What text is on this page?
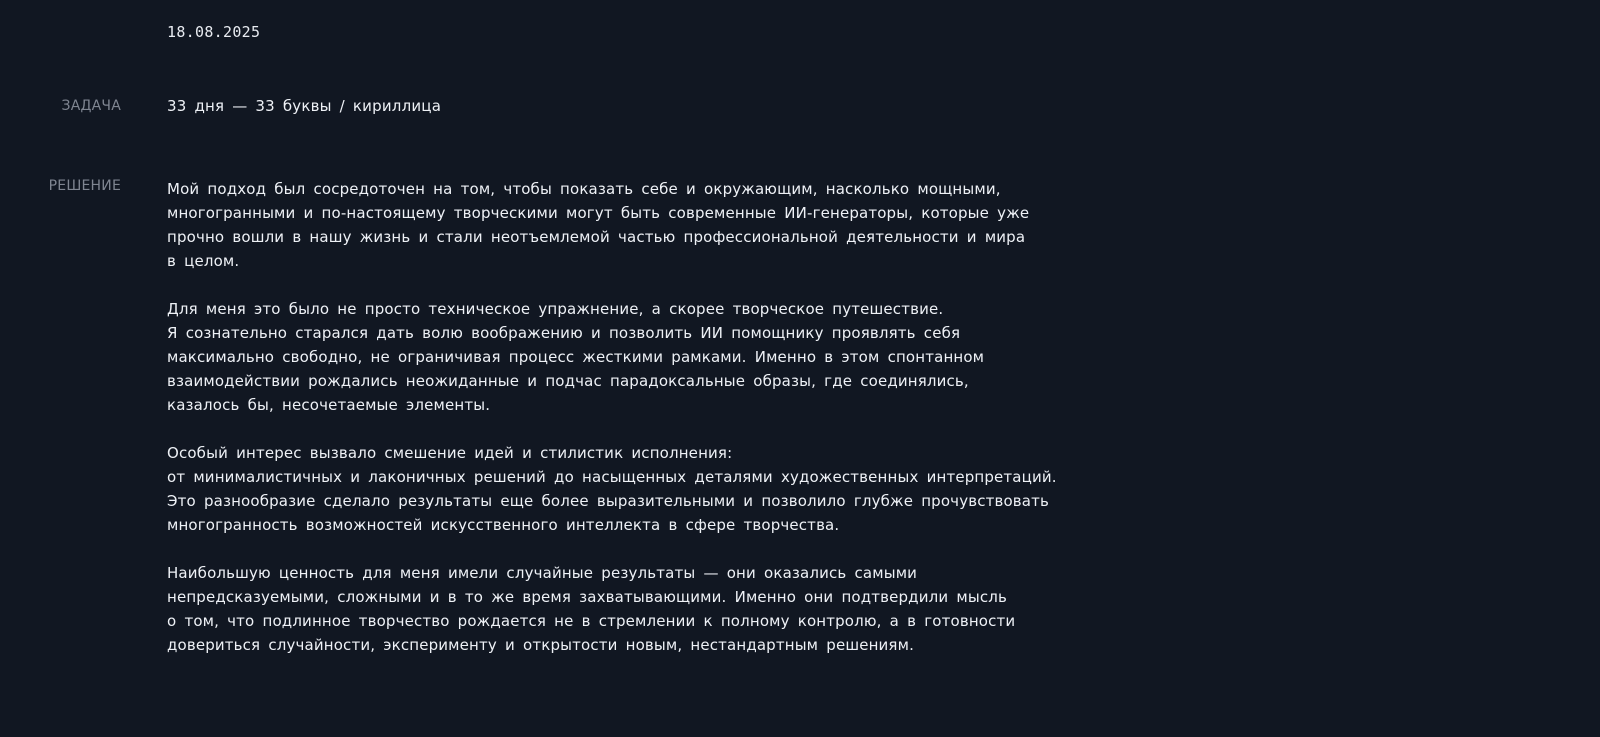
18.08.2025
ЗАДАЧА	33 дня — 33 буквы / кириллица
РЕШЕНИЕ	Мой подход был сосредоточен на том, чтобы показать себе и окружающим, насколько мощными,
многогранными и по-настоящему творческими могут быть современные ИИ-генераторы, которые уже
прочно вошли в нашу жизнь и стали неотъемлемой частью профессиональной деятельности и мира
в целом.

Для меня это было не просто техническое упражнение, а скорее творческое путешествие.
Я сознательно старался дать волю воображению и позволить ИИ помощнику проявлять себя
максимально свободно, не ограничивая процесс жесткими рамками. Именно в этом спонтанном
взаимодействии рождались неожиданные и подчас парадоксальные образы, где соединялись,
казалось бы, несочетаемые элементы.

Особый интерес вызвало смешение идей и стилистик исполнения:
от минималистичных и лаконичных решений до насыщенных деталями художественных интерпретаций.
Это разнообразие сделало результаты еще более выразительными и позволило глубже прочувствовать
многогранность возможностей искусственного интеллекта в сфере творчества.

Наибольшую ценность для меня имели случайные результаты — они оказались самыми
непредсказуемыми, сложными и в то же время захватывающими. Именно они подтвердили мысль
о том, что подлинное творчество рождается не в стремлении к полному контролю, а в готовности
довериться случайности, эксперименту и открытости новым, нестандартным решениям.
